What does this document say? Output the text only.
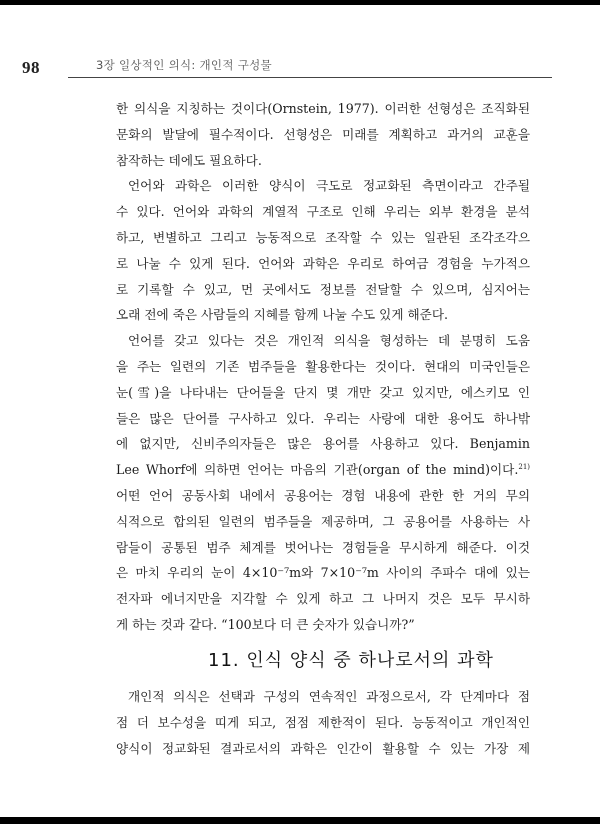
98	3장 일상적인 의식: 개인적 구성물
한 의식을 지칭하는 것이다(Ornstein, 1977). 이러한 선형성은 조직화된
문화의 발달에 필수적이다. 선형성은 미래를 계획하고 과거의 교훈을
참작하는 데에도 필요하다.
언어와 과학은 이러한 양식이 극도로 정교화된 측면이라고 간주될
수 있다. 언어와 과학의 계열적 구조로 인해 우리는 외부 환경을 분석
하고, 변별하고 그리고 능동적으로 조작할 수 있는 일관된 조각조각으
로 나눌 수 있게 된다. 언어와 과학은 우리로 하여금 경험을 누가적으
로 기록할 수 있고, 먼 곳에서도 정보를 전달할 수 있으며, 심지어는
오래 전에 죽은 사람들의 지혜를 함께 나눌 수도 있게 해준다.
언어를 갖고 있다는 것은 개인적 의식을 형성하는 데 분명히 도움
을 주는 일련의 기존 범주들을 활용한다는 것이다. 현대의 미국인들은
눈(雪)을 나타내는 단어들을 단지 몇 개만 갖고 있지만, 에스키모 인
들은 많은 단어를 구사하고 있다. 우리는 사랑에 대한 용어도 하나밖
에 없지만, 신비주의자들은 많은 용어를 사용하고 있다. Benjamin
Lee Whorf에 의하면 언어는 마음의 기관(organ of the mind)이다.$^{21)}$
어떤 언어 공동사회 내에서 공용어는 경험 내용에 관한 한 거의 무의
식적으로 합의된 일련의 범주들을 제공하며, 그 공용어를 사용하는 사
람들이 공통된 범주 체계를 벗어나는 경험들을 무시하게 해준다. 이것
은 마치 우리의 눈이 4×10⁻⁷m와 7×10⁻⁷m 사이의 주파수 대에 있는
전자파 에너지만을 지각할 수 있게 하고 그 나머지 것은 모두 무시하
게 하는 것과 같다. “100보다 더 큰 숫자가 있습니까?”
11. 인식 양식 중 하나로서의 과학
개인적 의식은 선택과 구성의 연속적인 과정으로서, 각 단계마다 점
점 더 보수성을 띠게 되고, 점점 제한적이 된다. 능동적이고 개인적인
양식이 정교화된 결과로서의 과학은 인간이 활용할 수 있는 가장 제
